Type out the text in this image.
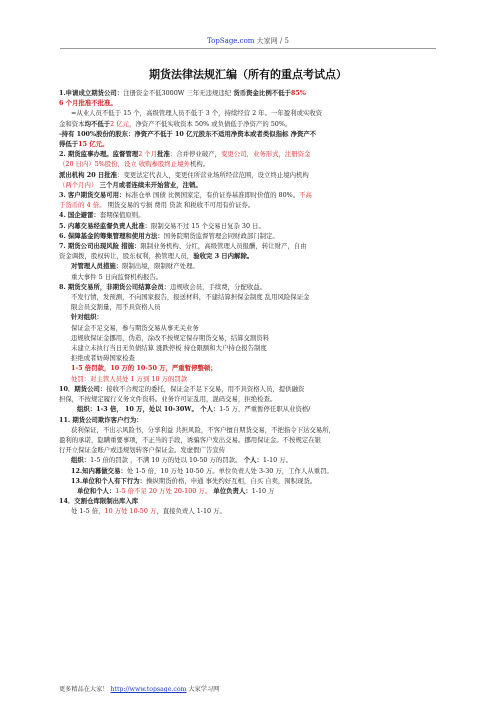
TopSage.com 大家网 / 5
期货法律法规汇编（所有的重点考试点）

1.申请成立期货公司：注册资金不低3000W 三年无违规违纪 货币资金比例不低于85%

6 个月批准不批准。

=从业人员不低于 15 个，高级管理人员不低于 3 个，持续经营 2 年。一年盈利或实收资

金和资本均不低于2 亿元，净资产不低实收资本 50% 或负债低于净资产的 50%。

-持有 100%股份的股东：净资产不低于 10 亿元股东不适用净资本或者类似指标 净资产不

得低于15 亿元。

2. 期货监事办理。监督管理2 个月批准：合并停业破产，变更公司，业务形式，注册资金

（20 日内）5%股份，设立 收购参股终止境外机构。

派出机构 20 日批准：变更法定代表人，变更住所营业场所经营范围，设立终止境内机构

（两个月内） 三个月或者连续未开始营业，注销。

3. 客户期货交易可用：标准仓单 国债 比例国家定，有价证券基准即时价值的 80%。不高

于货币的 4 倍。 期货交易的亏损 费用 贷款 和税收不可用有价证券。

4. 国企避雷：套期保值原则。

5. 内幕交易经监督负责人批准：限制交易不过 15 个交易日复杂 30 日。

6. 保障基金的筹集管理和使用方法：国务院期货监督管理会同财政部门制定。

7. 期货公司出现风险 措施：限制业务机构、分红，高级管理人员报酬，转让财产，自由

资金调拨，股权转让，股东权利，换管理人员，验收完 3 日内解除。

对管理人员措施：限制出境，限制财产处理。

重大事件 5 日向监督机构报告。

8. 期货交易所，非期货公司结算会员：违规收会员，手续费，分配收益。

不发行情，发预测，不向国家报告，报送材料，不建结算担保金制度 乱用风险保证金

限会员交割量，用不具资格人员

针对组织：

保证金不足交易，参与期货交易从事无关业务

违规收保证金挪用，伪造，涂改不按规定保存期货交易，结算交割资料

未建立未执行当日无负债结算 涨跌停板 持仓限额和大户持仓报告制度

拒绝或者妨碍国家检查

1-5 倍罚款，10 万的 10-50 万，严重暂停整顿；

处罚：对主管人员处 1 万到 10 万的罚款

10．期货公司：接收不合规定的委托，保证金不足下交易，用不具资格人员，提供融资

担保，不按规定履行义务文件资料。业务许可证乱用，混码交易，拒绝检查。

组织：1-3 倍， 10 万，处以 10-30W。 个人：1-5 万，严重暂停任职从业资格/

11. 期货公司欺诈客户行为：

获利保证，不出示风险书，分享利益 共担风险，不客户擅自期货交易，不把指令下达交易所，

盈利的承诺，隐瞒重要事项，不正当的手段，诱骗客户发出交易。挪用保证金。不按规定在银

行开立保证金账户或违规划转客户保证金。发虚假广告宣传

组织：1-5 倍的罚款 ，不满 10 万的处以 10-50 万的罚款。 个人：1-10 万。

12.知内幕做交易：处 1-5 倍，10 万处 10-50 万。单位负责人处 3-30 万，工作人从重罚。

13.单位和个人有下行为：操纵期货价格，申通 事先约好互相，自买 自卖，囤积现货。

单位和个人：1-5 倍不足 20 万处 20-100 万。 单位负责人：1-10 万

14．交割仓库限制出库入库

处 1-5 倍，10 万处 10-50 万，直接负责人 1-10 万。

更多精品在大家！ http://www.topsage.com 大家学习网
